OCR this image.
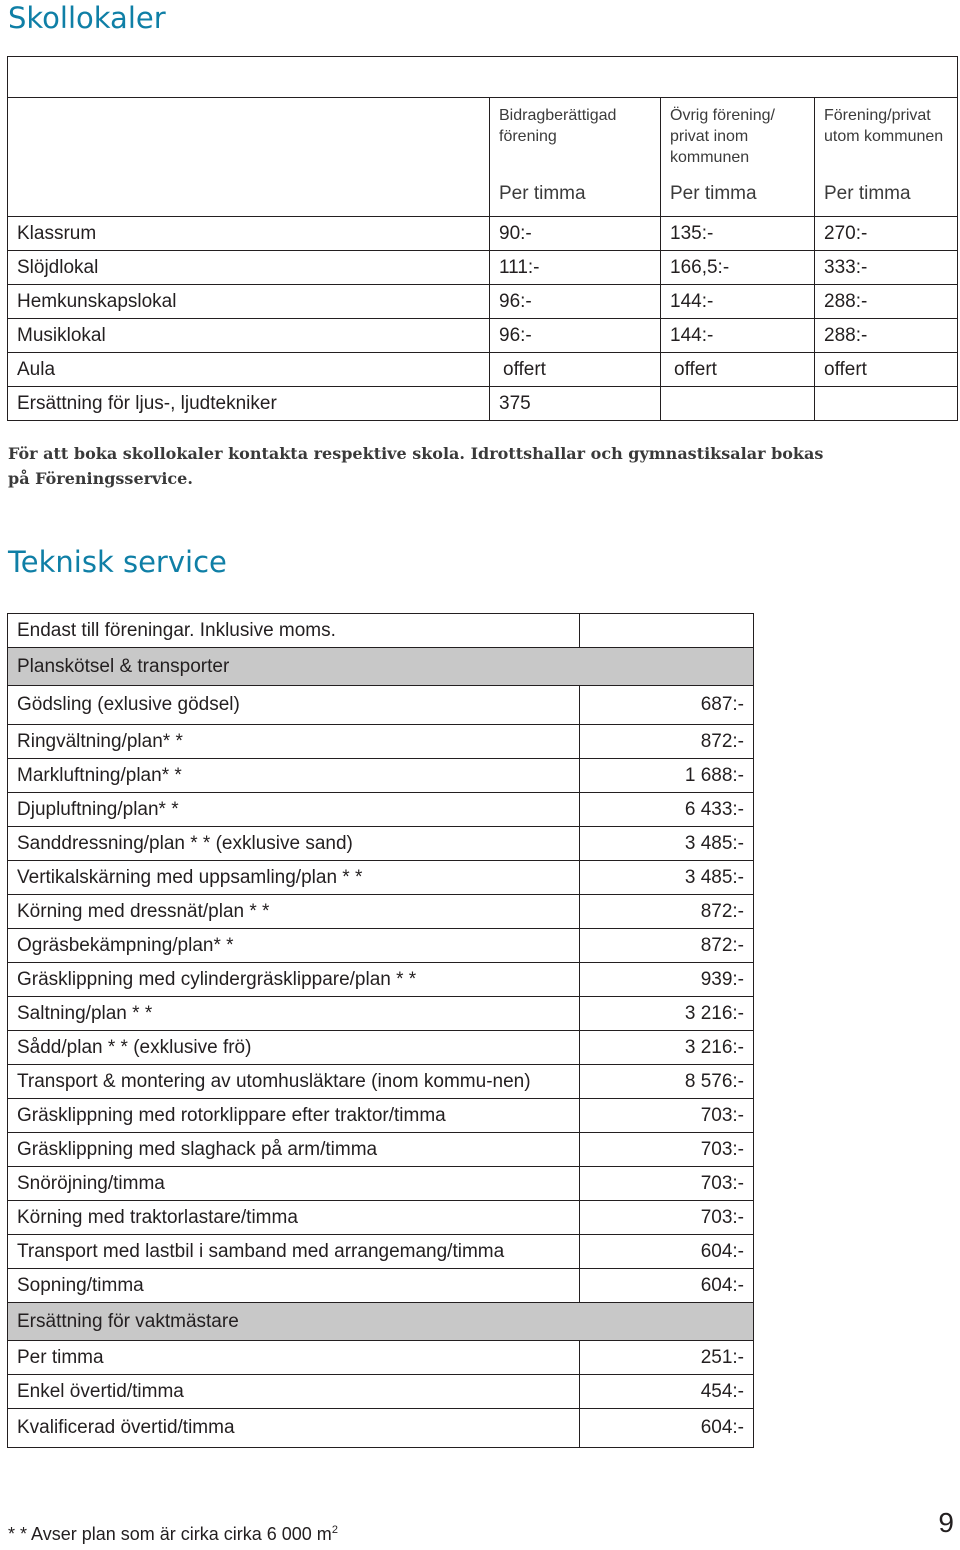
Skollokaler

	Bidragberättigad förening	Övrig förening/ privat inom kommunen	Förening/privat utom kommunen
	Per timma	Per timma	Per timma
Klassrum	90:-	135:-	270:-
Slöjdlokal	111:-	166,5:-	333:-
Hemkunskapslokal	96:-	144:-	288:-
Musiklokal	96:-	144:-	288:-
Aula	offert	offert	offert
Ersättning för ljus-, ljudtekniker	375		

För att boka skollokaler kontakta respektive skola. Idrottshallar och gymnastiksalar bokas på Föreningsservice.

Teknisk service
Endast till föreningar. Inklusive moms.	
Planskötsel & transporter	
Gödsling (exlusive gödsel)	687:-
Ringvältning/plan* *	872:-
Markluftning/plan* *	1 688:-
Djupluftning/plan* *	6 433:-
Sanddressning/plan * * (exklusive sand)	3 485:-
Vertikalskärning med uppsamling/plan * *	3 485:-
Körning med dressnät/plan * *	872:-
Ogräsbekämpning/plan* *	872:-
Gräsklippning med cylindergräsklippare/plan * *	939:-
Saltning/plan * *	3 216:-
Sådd/plan * * (exklusive frö)	3 216:-
Transport & montering av utomhusläktare (inom kommu-nen)	8 576:-
Gräsklippning med rotorklippare efter traktor/timma	703:-
Gräsklippning med slaghack på arm/timma	703:-
Snöröjning/timma	703:-
Körning med traktorlastare/timma	703:-
Transport med lastbil i samband med arrangemang/timma	604:-
Sopning/timma	604:-
Ersättning för vaktmästare	
Per timma	251:-
Enkel övertid/timma	454:-
Kvalificerad övertid/timma	604:-
* * Avser plan som är cirka cirka 6 000 $m^2$	9
